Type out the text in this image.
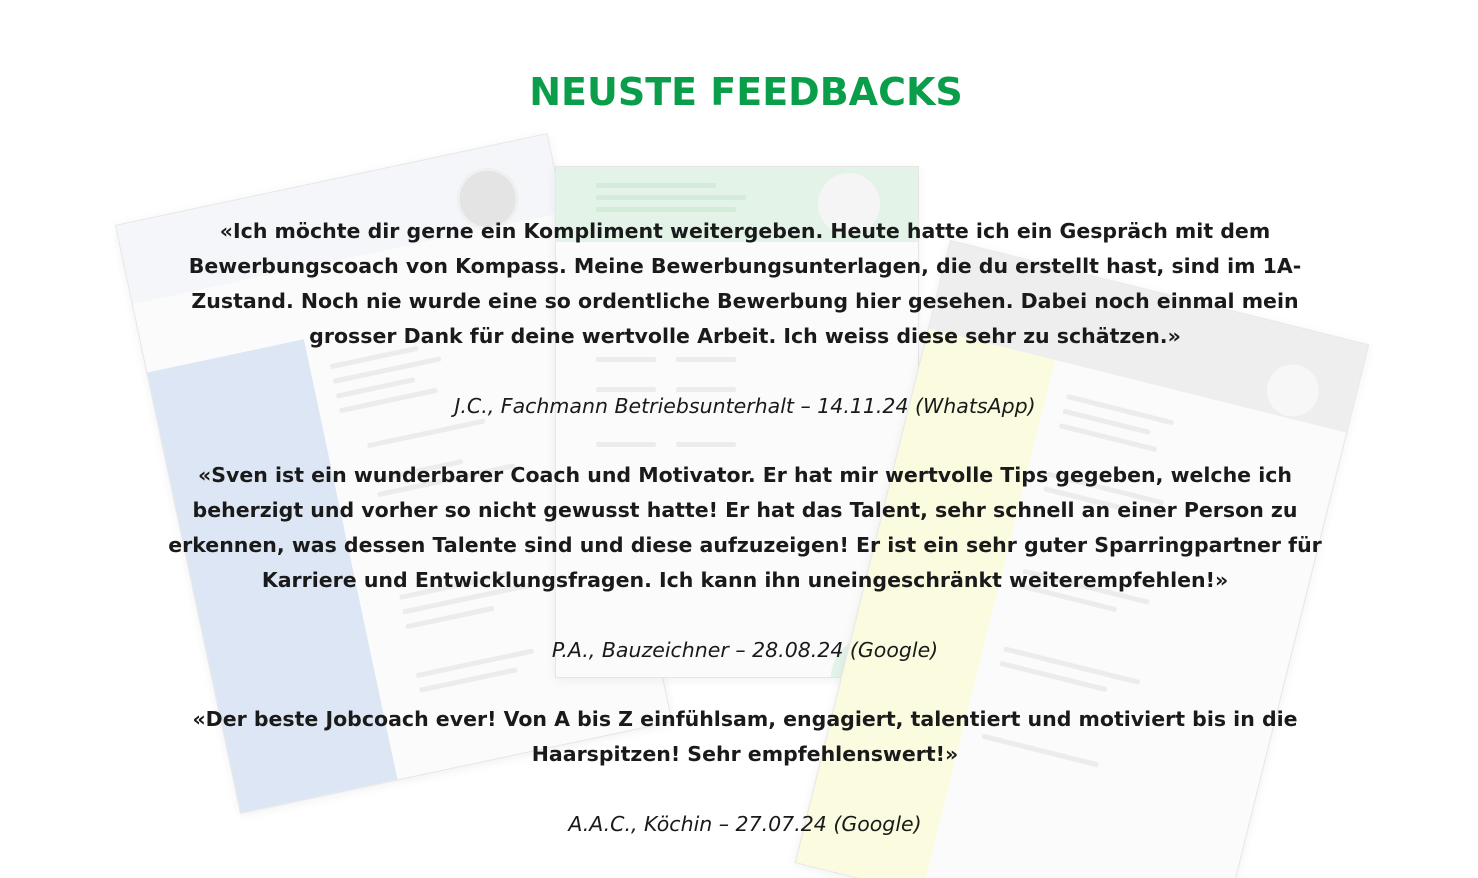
NEUSTE FEEDBACKS

«Ich möchte dir gerne ein Kompliment weitergeben. Heute hatte ich ein Gespräch mit dem Bewerbungscoach von Kompass. Meine Bewerbungsunterlagen, die du erstellt hast, sind im 1A-Zustand. Noch nie wurde eine so ordentliche Bewerbung hier gesehen. Dabei noch einmal mein grosser Dank für deine wertvolle Arbeit. Ich weiss diese sehr zu schätzen.»

J.C., Fachmann Betriebsunterhalt – 14.11.24 (WhatsApp)

«Sven ist ein wunderbarer Coach und Motivator. Er hat mir wertvolle Tips gegeben, welche ich beherzigt und vorher so nicht gewusst hatte! Er hat das Talent, sehr schnell an einer Person zu erkennen, was dessen Talente sind und diese aufzuzeigen! Er ist ein sehr guter Sparringpartner für Karriere und Entwicklungsfragen. Ich kann ihn uneingeschränkt weiterempfehlen!»

P.A., Bauzeichner – 28.08.24 (Google)

«Der beste Jobcoach ever! Von A bis Z einfühlsam, engagiert, talentiert und motiviert bis in die Haarspitzen! Sehr empfehlenswert!»

A.A.C., Köchin – 27.07.24 (Google)
